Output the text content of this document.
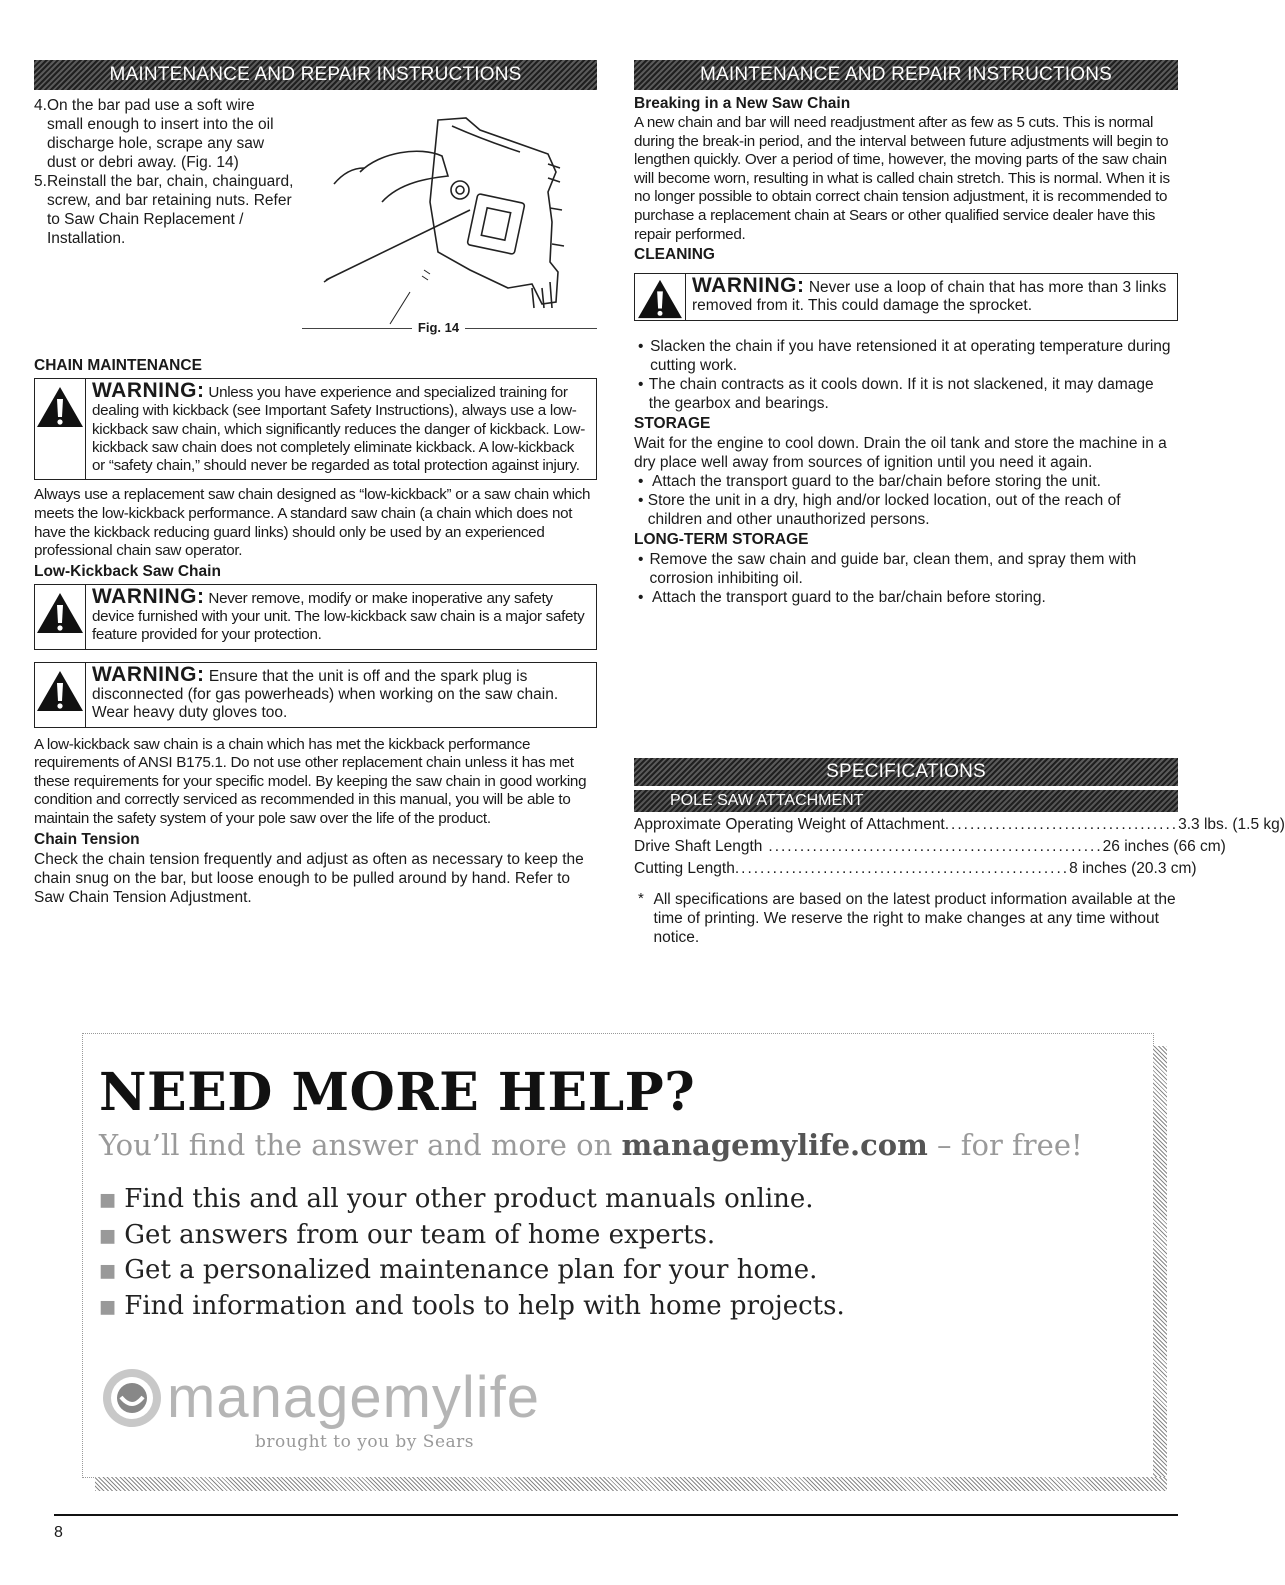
MAINTENANCE AND REPAIR INSTRUCTIONS
4. On the bar pad use a soft wire small enough to insert into the oil discharge hole, scrape any saw dust or debri away. (Fig. 14)
5. Reinstall the bar, chain, chainguard, screw, and bar retaining nuts. Refer to Saw Chain Replacement / Installation.
Fig. 14
CHAIN MAINTENANCE
WARNING: Unless you have experience and specialized training for dealing with kickback (see Important Safety Instructions), always use a low-kickback saw chain, which significantly reduces the danger of kickback. Low-kickback saw chain does not completely eliminate kickback. A low-kickback or “safety chain,” should never be regarded as total protection against injury.
Always use a replacement saw chain designed as “low-kickback” or a saw chain which meets the low-kickback performance. A standard saw chain (a chain which does not have the kickback reducing guard links) should only be used by an experienced professional chain saw operator.
Low-Kickback Saw Chain
WARNING: Never remove, modify or make inoperative any safety device furnished with your unit. The low-kickback saw chain is a major safety feature provided for your protection.
WARNING: Ensure that the unit is off and the spark plug is disconnected (for gas powerheads) when working on the saw chain. Wear heavy duty gloves too.
A low-kickback saw chain is a chain which has met the kickback performance requirements of ANSI B175.1. Do not use other replacement chain unless it has met these requirements for your specific model. By keeping the saw chain in good working condition and correctly serviced as recommended in this manual, you will be able to maintain the safety system of your pole saw over the life of the product.
Chain Tension
Check the chain tension frequently and adjust as often as necessary to keep the chain snug on the bar, but loose enough to be pulled around by hand. Refer to Saw Chain Tension Adjustment.
MAINTENANCE AND REPAIR INSTRUCTIONS
Breaking in a New Saw Chain
A new chain and bar will need readjustment after as few as 5 cuts. This is normal during the break-in period, and the interval between future adjustments will begin to lengthen quickly. Over a period of time, however, the moving parts of the saw chain will become worn, resulting in what is called chain stretch. This is normal. When it is no longer possible to obtain correct chain tension adjustment, it is recommended to purchase a replacement chain at Sears or other qualified service dealer have this repair performed.
CLEANING
WARNING: Never use a loop of chain that has more than 3 links removed from it. This could damage the sprocket.
• Slacken the chain if you have retensioned it at operating temperature during cutting work.
• The chain contracts as it cools down. If it is not slackened, it may damage the gearbox and bearings.
STORAGE
Wait for the engine to cool down. Drain the oil tank and store the machine in a dry place well away from sources of ignition until you need it again.
• Attach the transport guard to the bar/chain before storing the unit.
• Store the unit in a dry, high and/or locked location, out of the reach of children and other unauthorized persons.
LONG-TERM STORAGE
• Remove the saw chain and guide bar, clean them, and spray them with corrosion inhibiting oil.
• Attach the transport guard to the bar/chain before storing.
SPECIFICATIONS
POLE SAW ATTACHMENT
Approximate Operating Weight of Attachment ..................................... 3.3 lbs. (1.5 kg)
Drive Shaft Length ..................................................... 26 inches (66 cm)
Cutting Length ..................................................... 8 inches (20.3 cm)
* All specifications are based on the latest product information available at the time of printing. We reserve the right to make changes at any time without notice.
NEED MORE HELP?
You’ll find the answer and more on managemylife.com – for free!
■ Find this and all your other product manuals online.
■ Get answers from our team of home experts.
■ Get a personalized maintenance plan for your home.
■ Find information and tools to help with home projects.
managemylife
brought to you by Sears
8
